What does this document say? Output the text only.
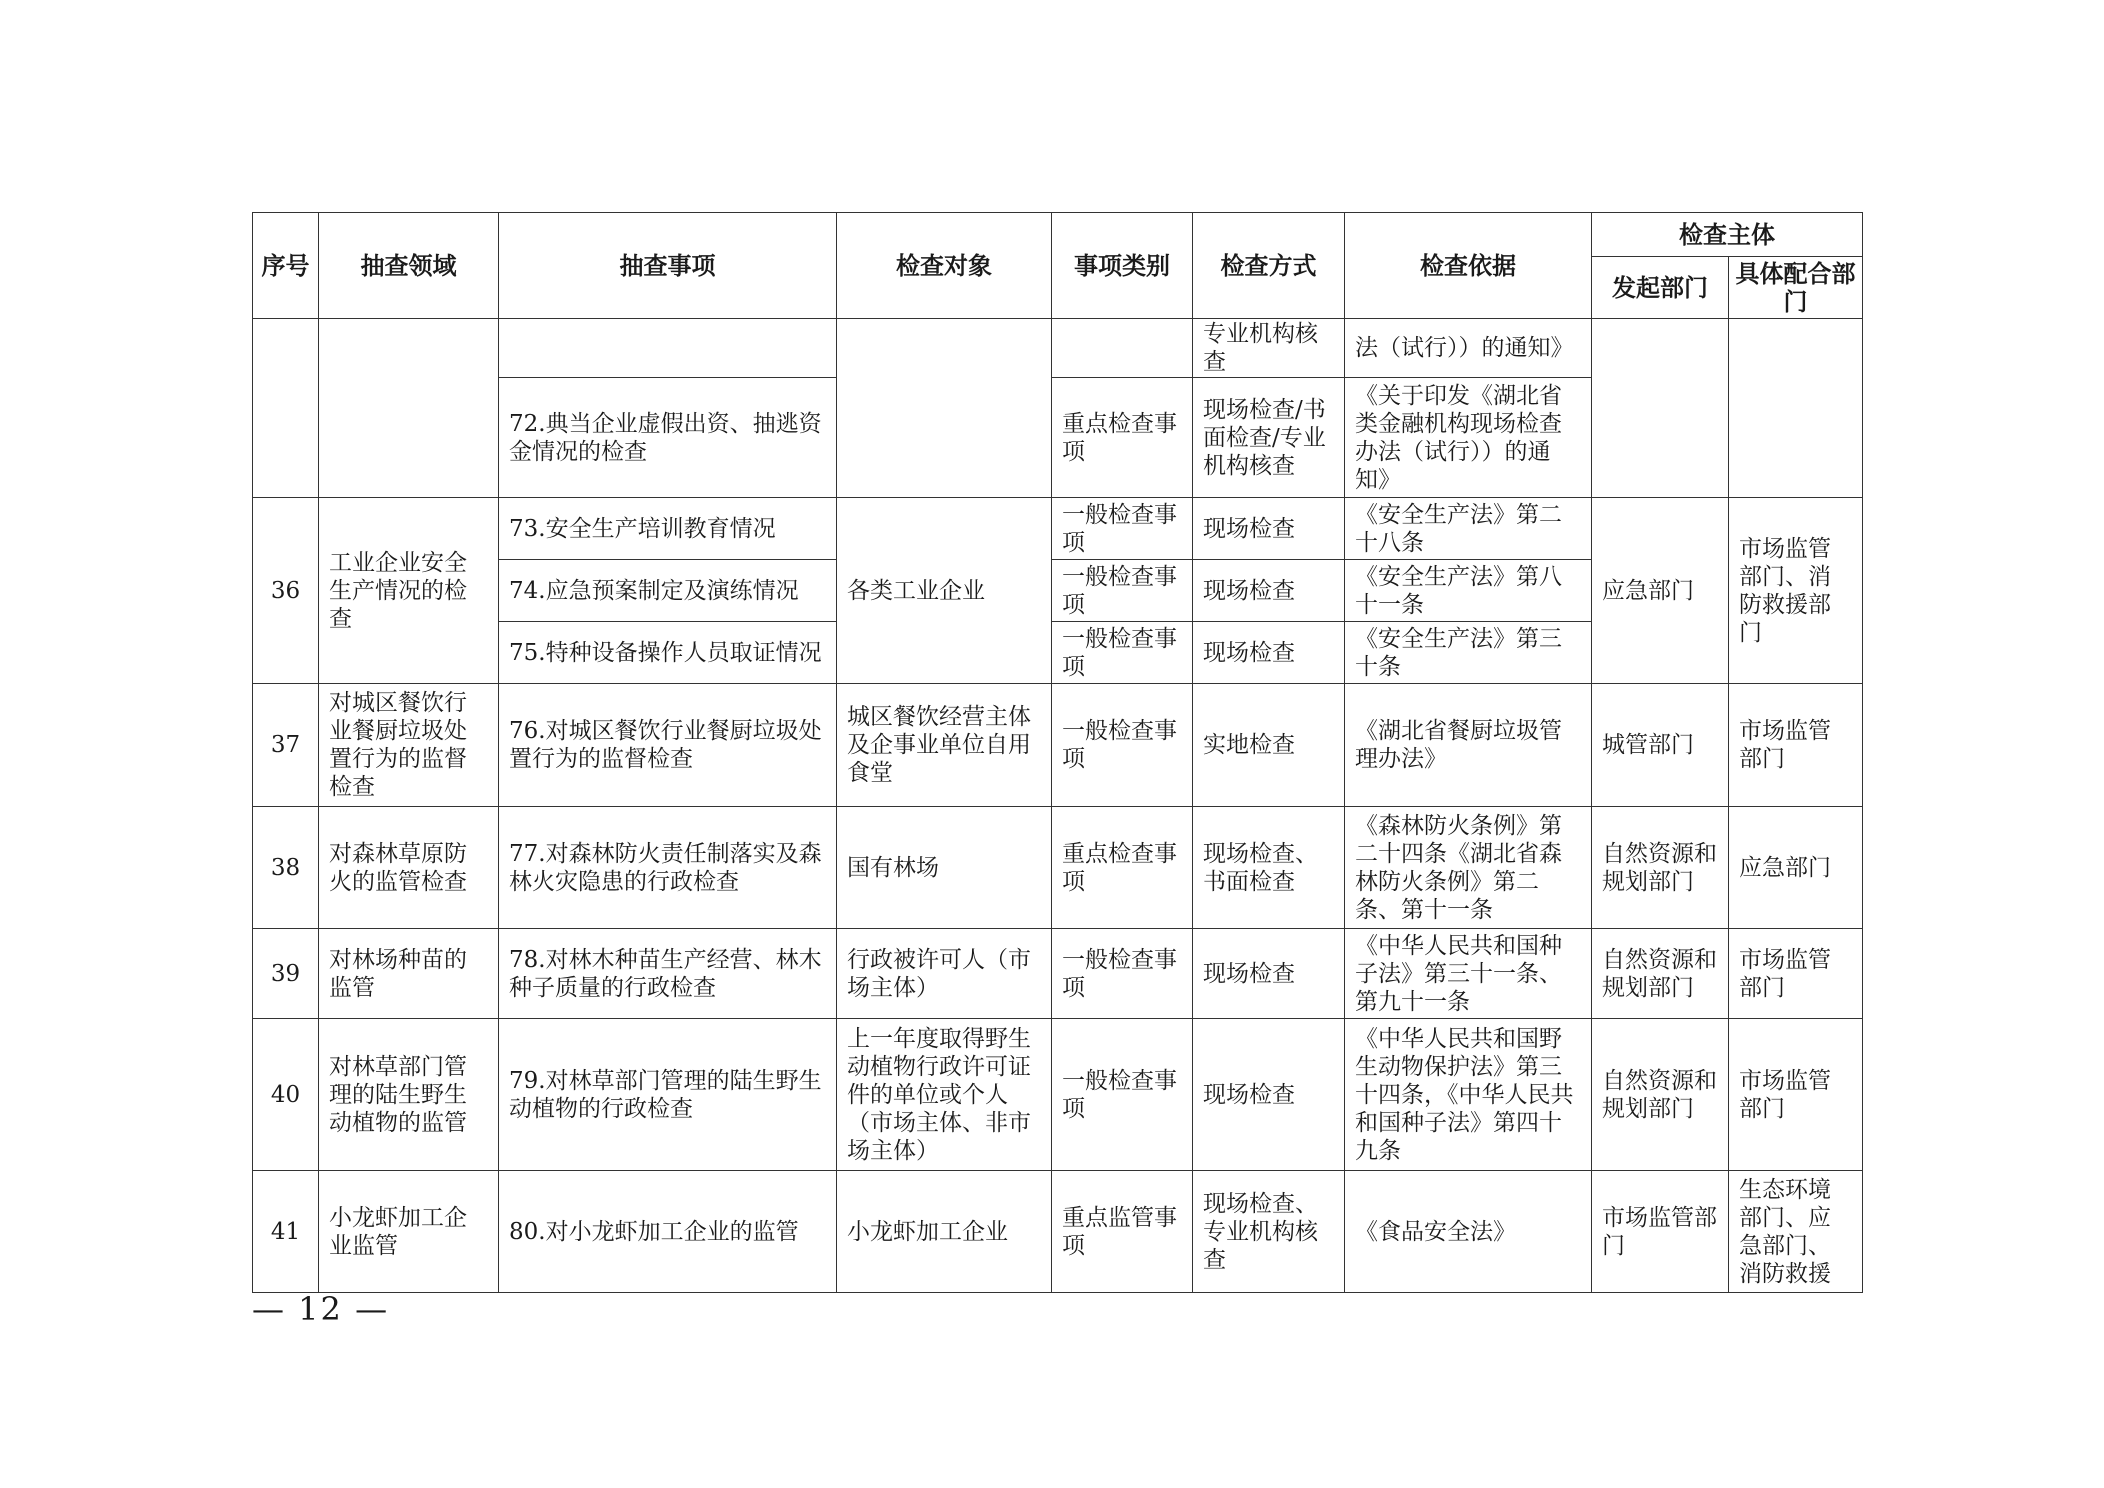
序号	抽查领域	抽查事项	检查对象	事项类别	检查方式	检查依据	检查主体	
							发起部门	具体配合部门
					专业机构核查	法（试行））的通知》		
		72.典当企业虚假出资、抽逃资金情况的检查		重点检查事项	现场检查/书面检查/专业机构核查	《关于印发《湖北省类金融机构现场检查办法（试行））的通知》		
36	工业企业安全生产情况的检查	73.安全生产培训教育情况	各类工业企业	一般检查事项	现场检查	《安全生产法》第二十八条	应急部门	市场监管部门、消防救援部门
		74.应急预案制定及演练情况		一般检查事项	现场检查	《安全生产法》第八十一条		
		75.特种设备操作人员取证情况		一般检查事项	现场检查	《安全生产法》第三十条		
37	对城区餐饮行业餐厨垃圾处置行为的监督检查	76.对城区餐饮行业餐厨垃圾处置行为的监督检查	城区餐饮经营主体及企事业单位自用食堂	一般检查事项	实地检查	《湖北省餐厨垃圾管理办法》	城管部门	市场监管部门
38	对森林草原防火的监管检查	77.对森林防火责任制落实及森林火灾隐患的行政检查	国有林场	重点检查事项	现场检查、书面检查	《森林防火条例》第二十四条《湖北省森林防火条例》第二条、第十一条	自然资源和规划部门	应急部门
39	对林场种苗的监管	78.对林木种苗生产经营、林木种子质量的行政检查	行政被许可人（市场主体）	一般检查事项	现场检查	《中华人民共和国种子法》第三十一条、第九十一条	自然资源和规划部门	市场监管部门
40	对林草部门管理的陆生野生动植物的监管	79.对林草部门管理的陆生野生动植物的行政检查	上一年度取得野生动植物行政许可证件的单位或个人（市场主体、非市场主体）	一般检查事项	现场检查	《中华人民共和国野生动物保护法》第三十四条，《中华人民共和国种子法》第四十九条	自然资源和规划部门	市场监管部门
41	小龙虾加工企业监管	80.对小龙虾加工企业的监管	小龙虾加工企业	重点监管事项	现场检查、专业机构核查	《食品安全法》	市场监管部门	生态环境部门、应急部门、消防救援
— 12 —
